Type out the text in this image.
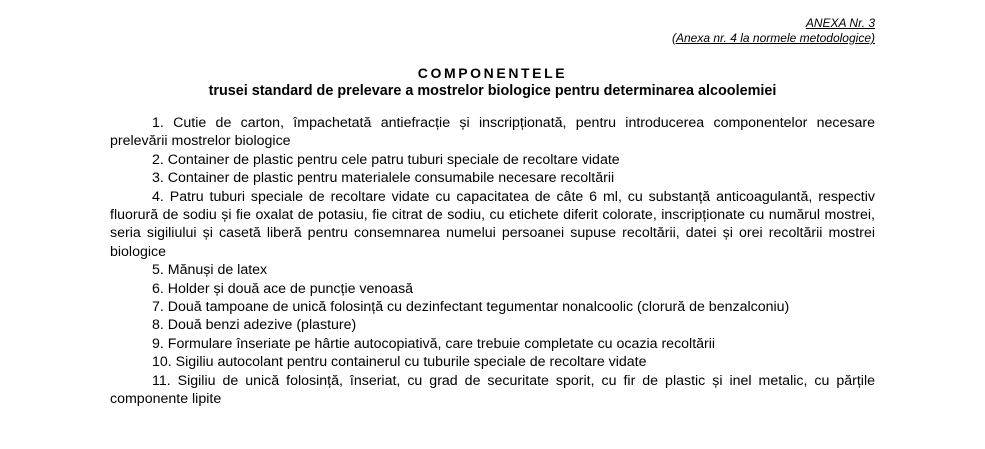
ANEXA Nr. 3
(Anexa nr. 4 la normele metodologice)
COMPONENTELE
trusei standard de prelevare a mostrelor biologice pentru determinarea alcoolemiei

1. Cutie de carton, împachetată antiefracție și inscripționată, pentru introducerea componentelor necesare prelevării mostrelor biologice

2. Container de plastic pentru cele patru tuburi speciale de recoltare vidate

3. Container de plastic pentru materialele consumabile necesare recoltării

4. Patru tuburi speciale de recoltare vidate cu capacitatea de câte 6 ml, cu substanță anticoagulantă, respectiv fluorură de sodiu și fie oxalat de potasiu, fie citrat de sodiu, cu etichete diferit colorate, inscripționate cu numărul mostrei, seria sigiliului și casetă liberă pentru consemnarea numelui persoanei supuse recoltării, datei și orei recoltării mostrei biologice

5. Mănuși de latex

6. Holder și două ace de puncție venoasă

7. Două tampoane de unică folosință cu dezinfectant tegumentar nonalcoolic (clorură de benzalconiu)

8. Două benzi adezive (plasture)

9. Formulare înseriate pe hârtie autocopiativă, care trebuie completate cu ocazia recoltării

10. Sigiliu autocolant pentru containerul cu tuburile speciale de recoltare vidate

11. Sigiliu de unică folosință, înseriat, cu grad de securitate sporit, cu fir de plastic și inel metalic, cu părțile componente lipite
